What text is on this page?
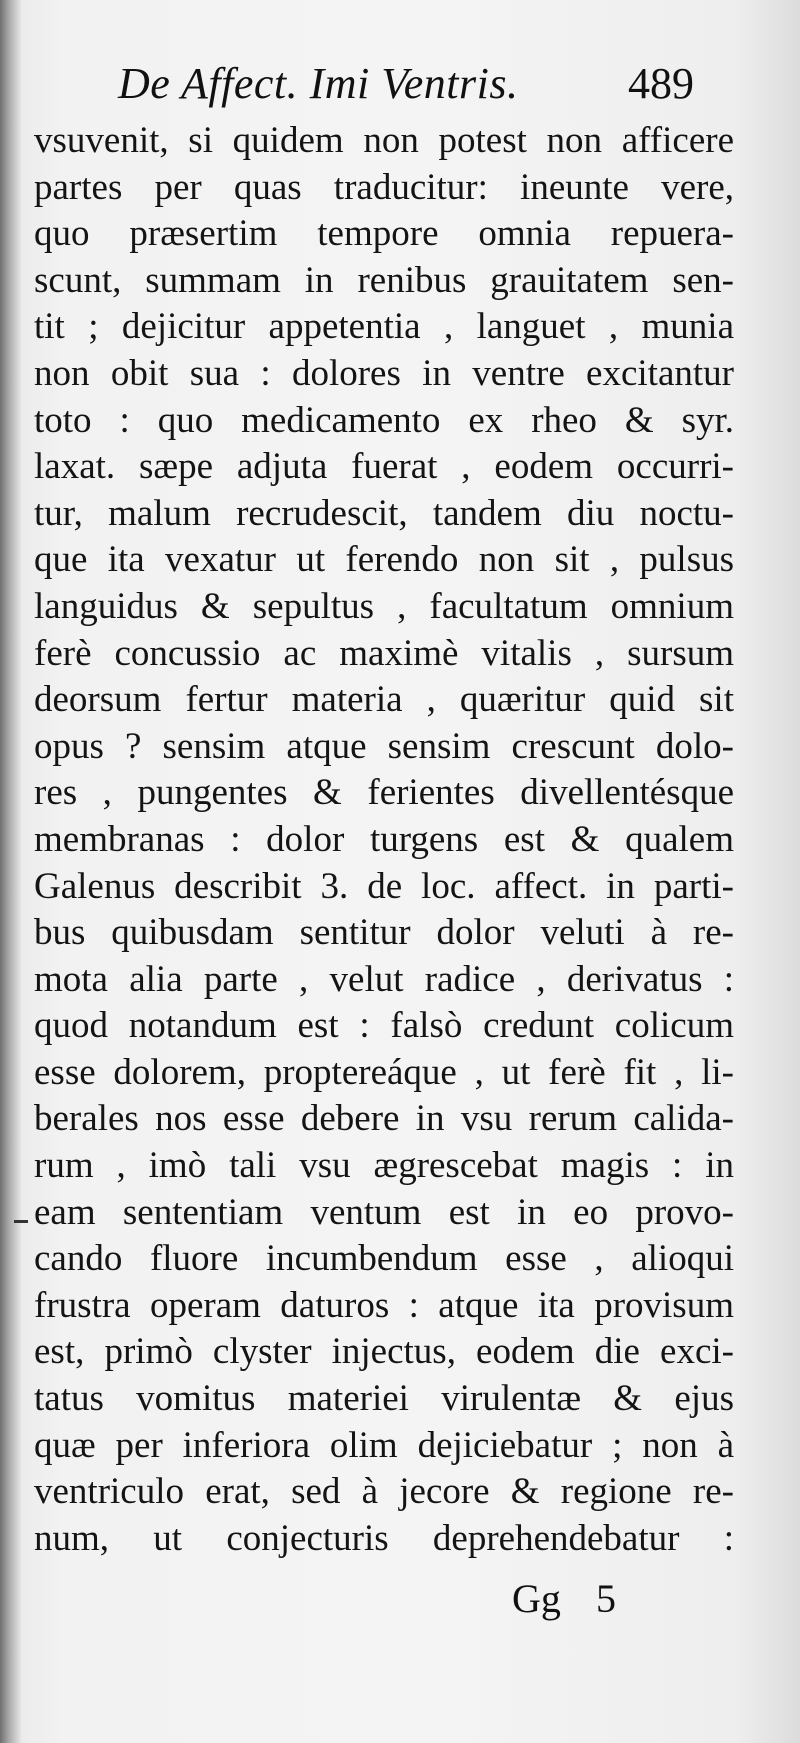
De Affect. Imi Ventris. 489
vsuvenit, si quidem non potest non afficere
partes per quas traducitur: ineunte vere,
quo præsertim tempore omnia repuera-
scunt, summam in renibus grauitatem sen-
tit ; dejicitur appetentia , languet , munia
non obit sua : dolores in ventre excitantur
toto : quo medicamento ex rheo & syr.
laxat. sæpe adjuta fuerat , eodem occurri-
tur, malum recrudescit, tandem diu noctu-
que ita vexatur ut ferendo non sit , pulsus
languidus & sepultus , facultatum omnium
ferè concussio ac maximè vitalis , sursum
deorsum fertur materia , quæritur quid sit
opus ? sensim atque sensim crescunt dolo-
res , pungentes & ferientes divellentésque
membranas : dolor turgens est & qualem
Galenus describit 3. de loc. affect. in parti-
bus quibusdam sentitur dolor veluti à re-
mota alia parte , velut radice , derivatus :
quod notandum est : falsò credunt colicum
esse dolorem, proptereáque , ut ferè fit , li-
berales nos esse debere in vsu rerum calida-
rum , imò tali vsu ægrescebat magis : in
eam sententiam ventum est in eo provo-
cando fluore incumbendum esse , alioqui
frustra operam daturos : atque ita provisum
est, primò clyster injectus, eodem die exci-
tatus vomitus materiei virulentæ & ejus
quæ per inferiora olim dejiciebatur ; non à
ventriculo erat, sed à jecore & regione re-
num, ut conjecturis deprehendebatur :
Gg 5
